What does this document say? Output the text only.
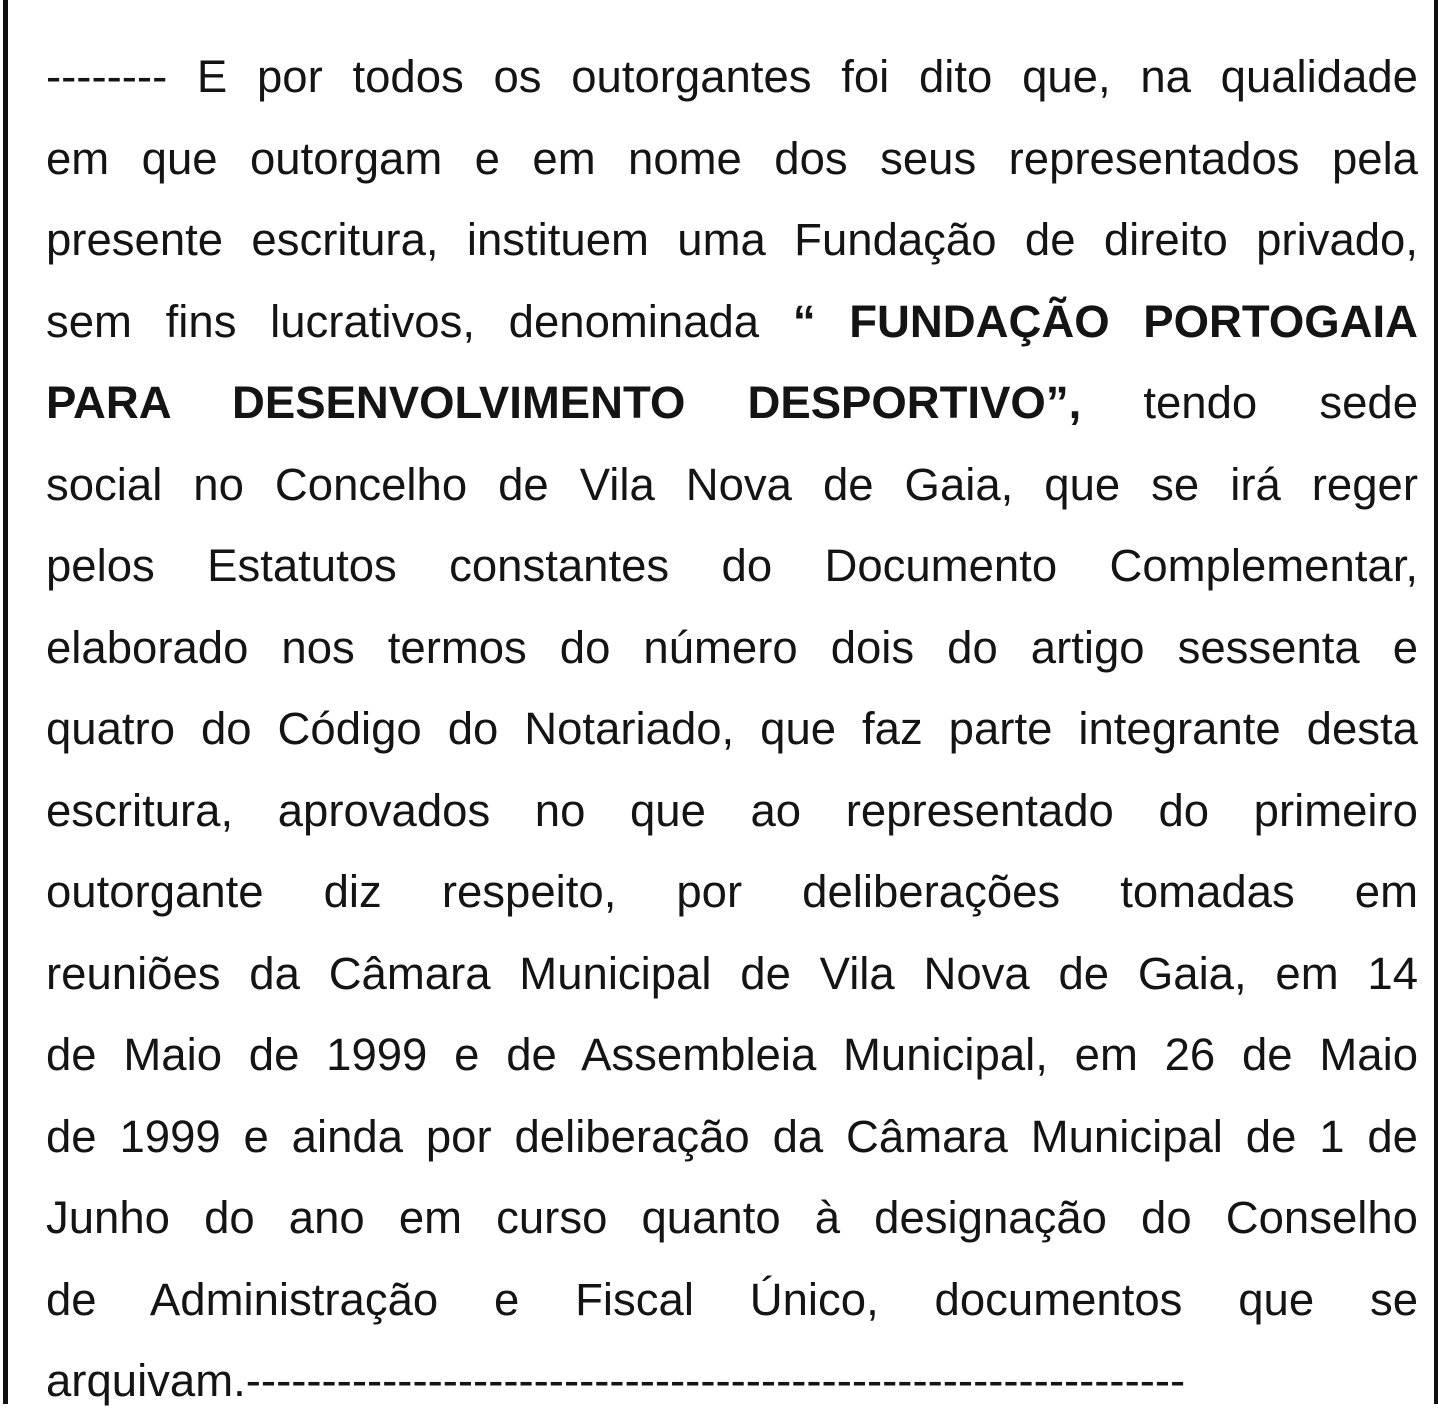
-------- E por todos os outorgantes foi dito que, na qualidade
em que outorgam e em nome dos seus representados pela
presente escritura, instituem uma Fundação de direito privado,
sem fins lucrativos, denominada “ FUNDAÇÃO PORTOGAIA
PARA DESENVOLVIMENTO DESPORTIVO”, tendo sede
social no Concelho de Vila Nova de Gaia, que se irá reger
pelos Estatutos constantes do Documento Complementar,
elaborado nos termos do número dois do artigo sessenta e
quatro do Código do Notariado, que faz parte integrante desta
escritura, aprovados no que ao representado do primeiro
outorgante diz respeito, por deliberações tomadas em
reuniões da Câmara Municipal de Vila Nova de Gaia, em 14
de Maio de 1999 e de Assembleia Municipal, em 26 de Maio
de 1999 e ainda por deliberação da Câmara Municipal de 1 de
Junho do ano em curso quanto à designação do Conselho
de Administração e Fiscal Único, documentos que se
arquivam.--------------------------------------------------------------
